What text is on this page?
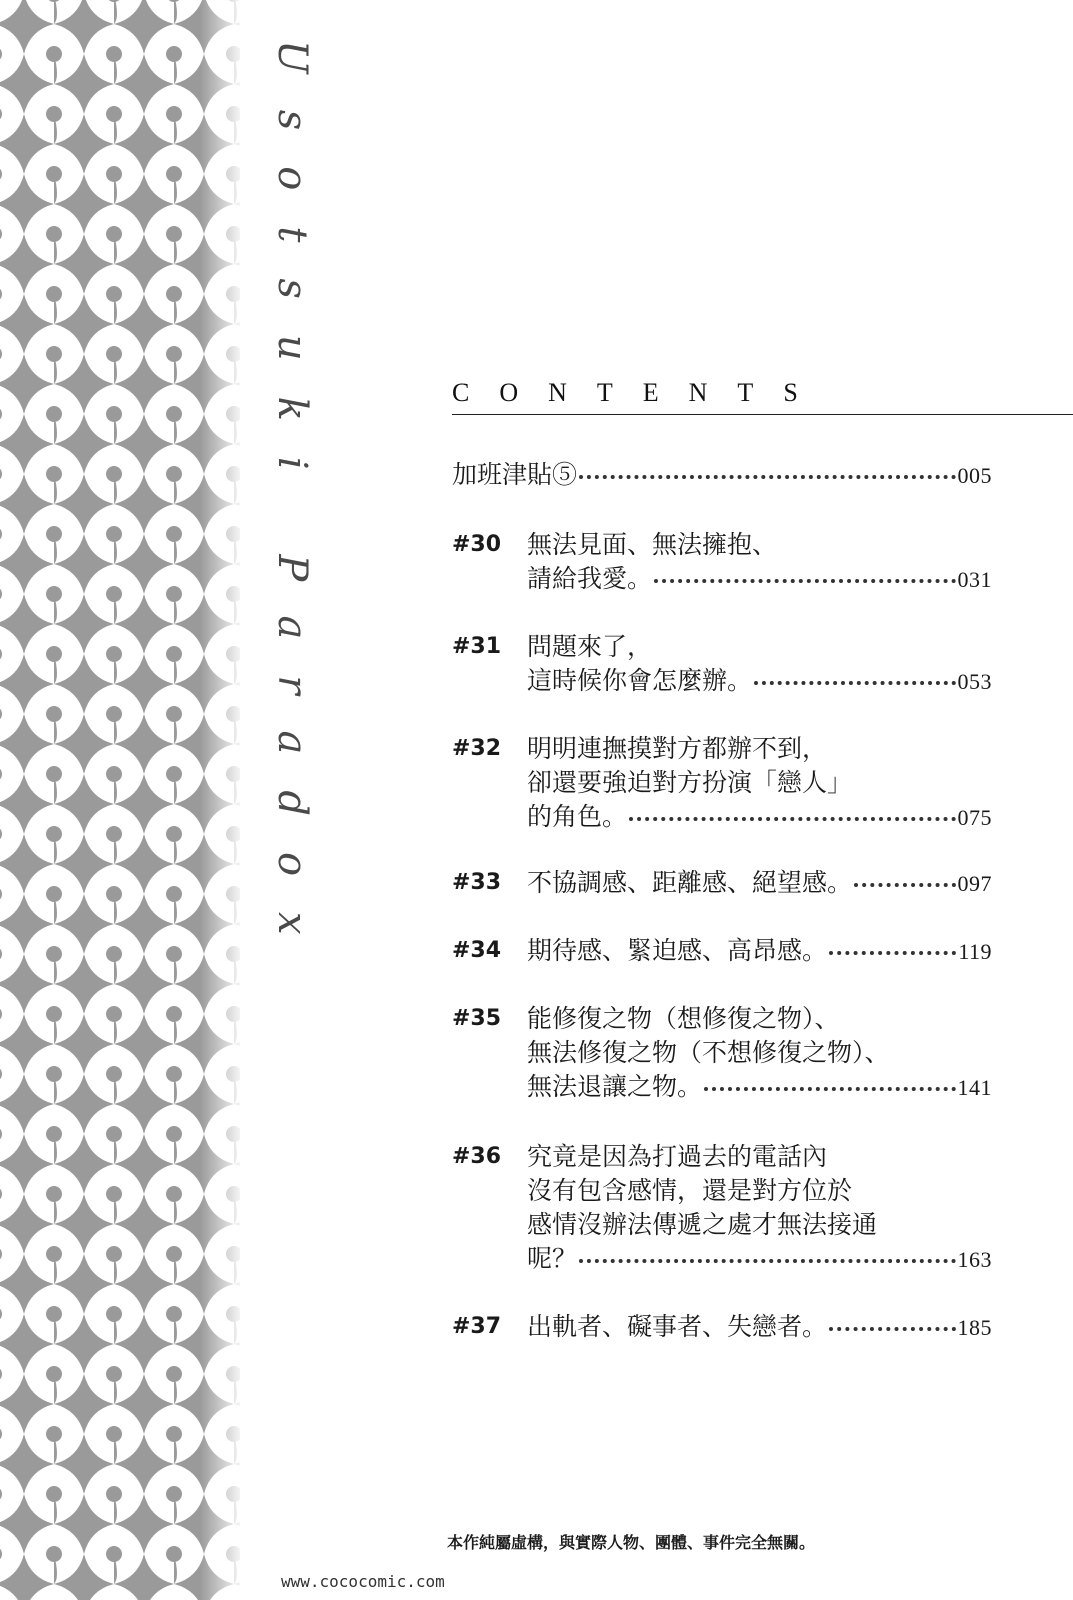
Usotsuki Paradox	CONTENTS
加班津貼⑤	005
#30	無法見面、無法擁抱、
請給我愛。	031
#31	問題來了，
這時候你會怎麼辦。	053
#32	明明連撫摸對方都辦不到，
卻還要強迫對方扮演「戀人」
的角色。	075
#33	不協調感、距離感、絕望感。	097
#34	期待感、緊迫感、高昂感。	119
#35	能修復之物（想修復之物）、
無法修復之物（不想修復之物）、
無法退讓之物。	141
#36	究竟是因為打過去的電話內
沒有包含感情，還是對方位於
感情沒辦法傳遞之處才無法接通
呢？	163
#37	出軌者、礙事者、失戀者。	185
本作純屬虛構，與實際人物、團體、事件完全無關。
www.cococomic.com
